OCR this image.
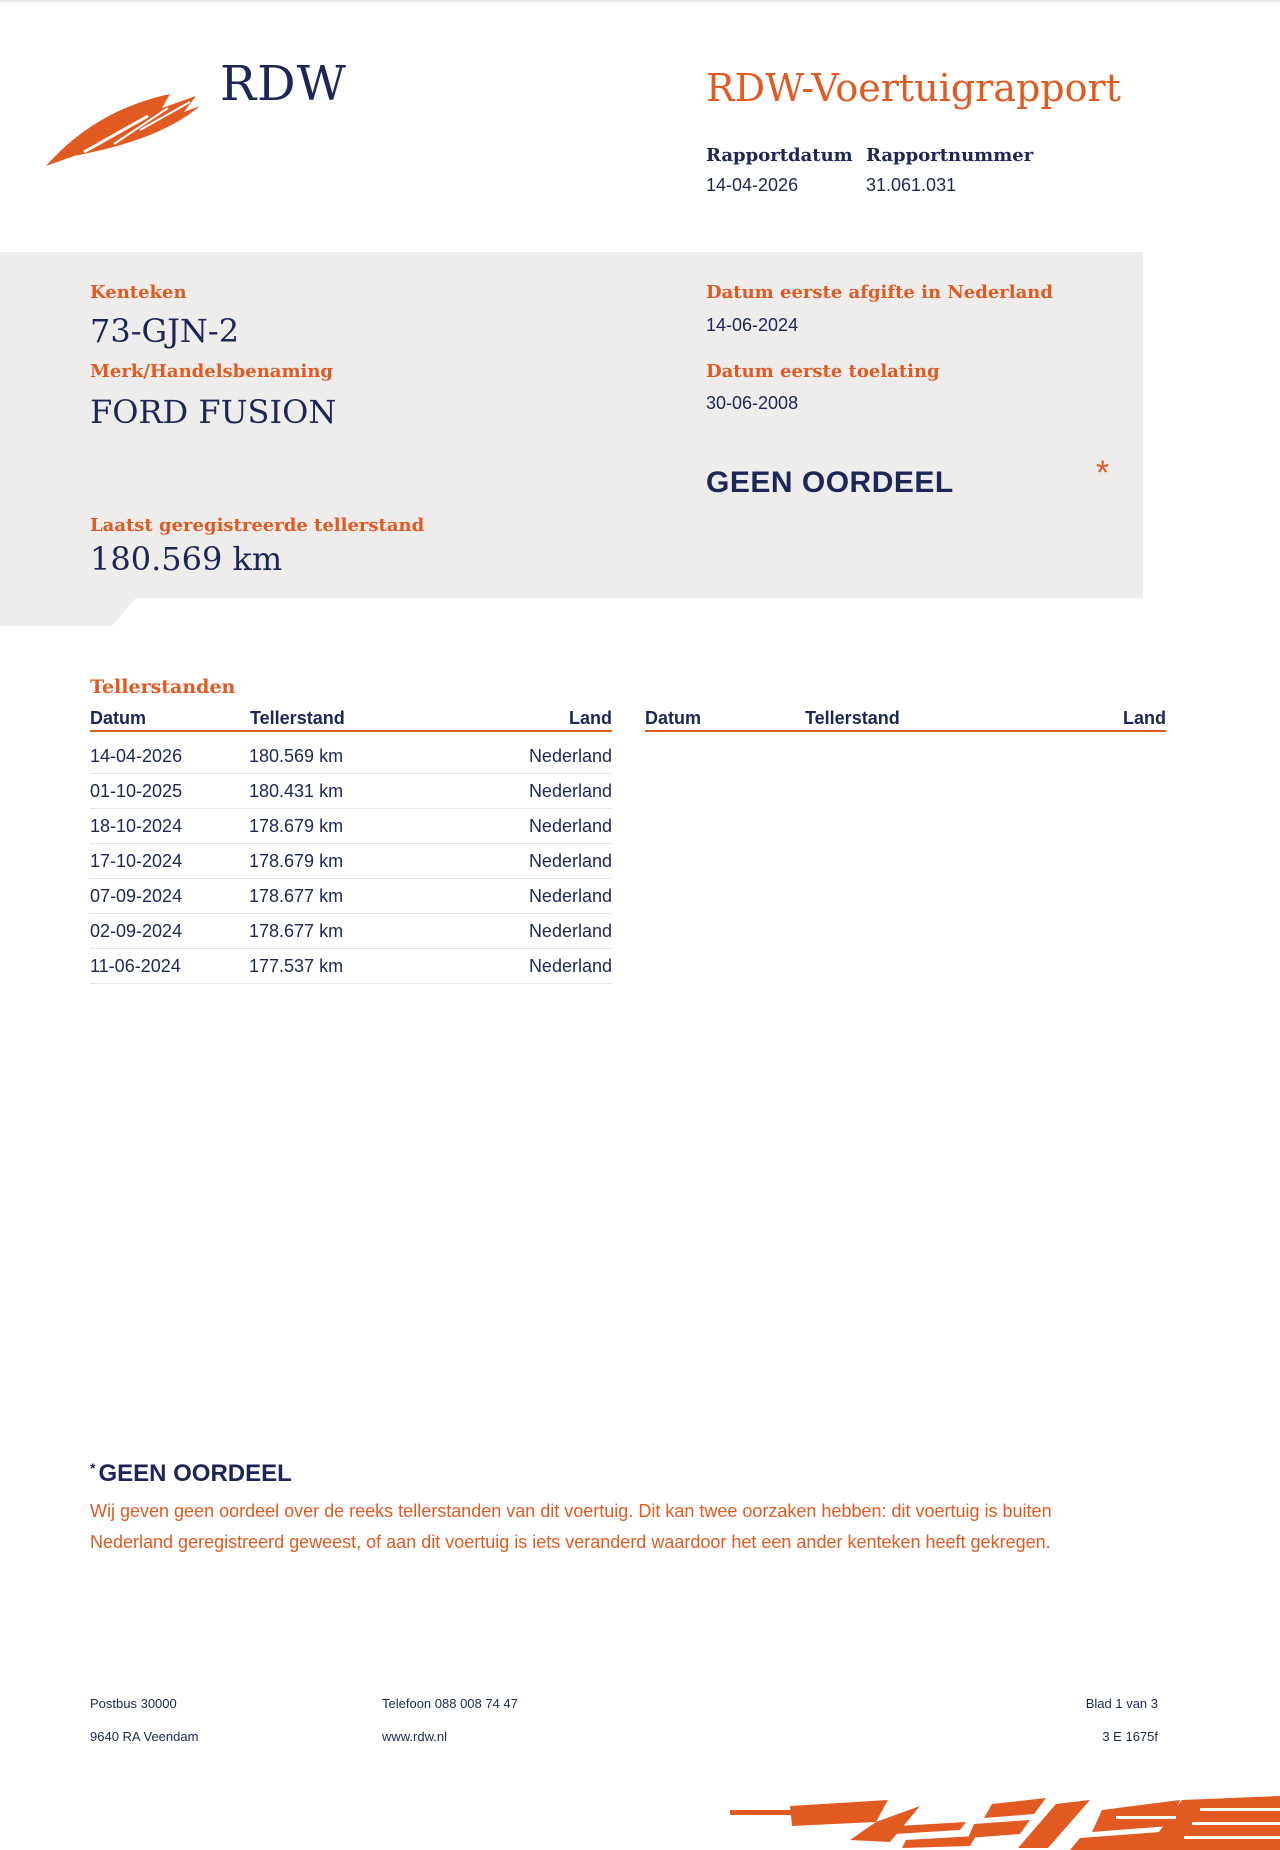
RDW	RDW-Voertuigrapport
Rapportdatum
14-04-2026
Rapportnummer
31.061.031
Kenteken
73-GJN-2
Merk/Handelsbenaming
FORD FUSION
Laatst geregistreerde tellerstand
180.569 km
Datum eerste afgifte in Nederland
14-06-2024
Datum eerste toelating
30-06-2008
GEEN OORDEEL	*
Tellerstanden
Datum	Tellerstand	Land Datum	Tellerstand	Land
14-04-2026	180.569 km	Nederland
01-10-2025	180.431 km	Nederland
18-10-2024	178.679 km	Nederland
17-10-2024	178.679 km	Nederland
07-09-2024	178.677 km	Nederland
02-09-2024	178.677 km	Nederland
11-06-2024	177.537 km	Nederland
* GEEN OORDEEL
Wij geven geen oordeel over de reeks tellerstanden van dit voertuig. Dit kan twee oorzaken hebben: dit voertuig is buiten Nederland geregistreerd geweest, of aan dit voertuig is iets veranderd waardoor het een ander kenteken heeft gekregen.
Postbus 30000
9640 RA Veendam
Telefoon 088 008 74 47
www.rdw.nl
Blad 1 van 3
3 E 1675f
